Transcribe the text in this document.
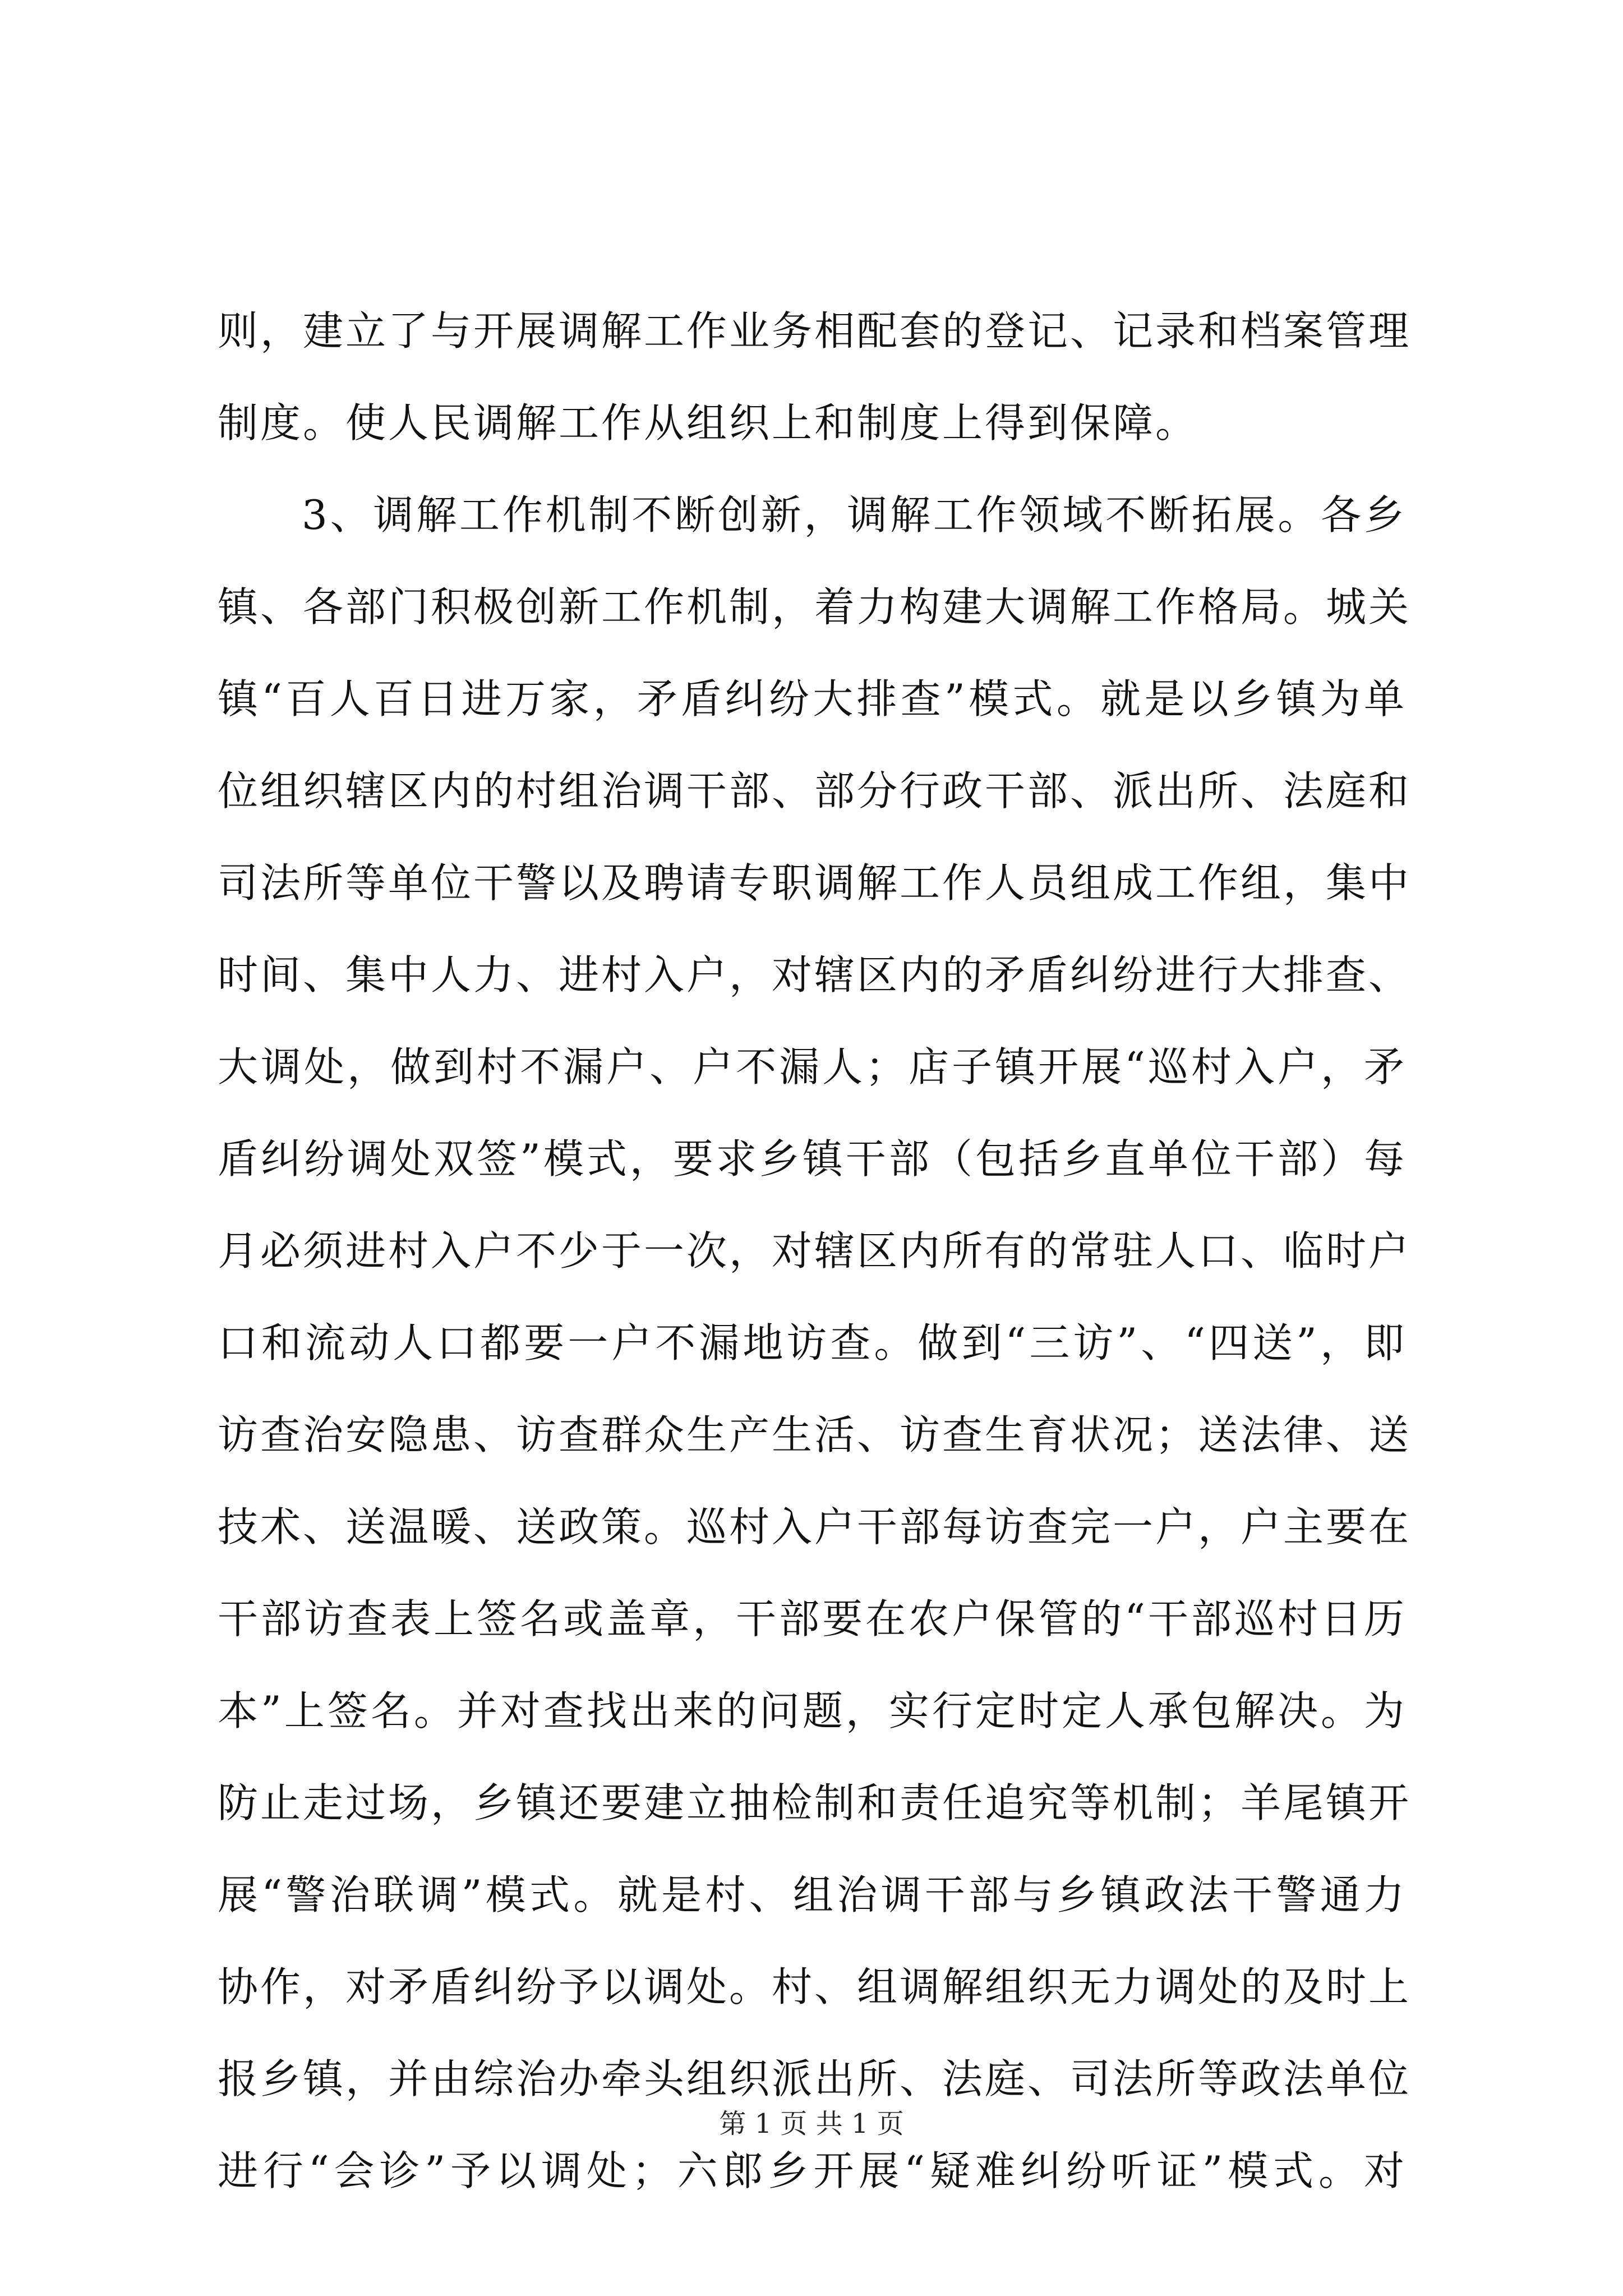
则，建立了与开展调解工作业务相配套的登记、记录和档案管理
制度。使人民调解工作从组织上和制度上得到保障。
3、调解工作机制不断创新，调解工作领域不断拓展。各乡
镇、各部门积极创新工作机制，着力构建大调解工作格局。城关
镇“百人百日进万家，矛盾纠纷大排查”模式。就是以乡镇为单
位组织辖区内的村组治调干部、部分行政干部、派出所、法庭和
司法所等单位干警以及聘请专职调解工作人员组成工作组，集中
时间、集中人力、进村入户，对辖区内的矛盾纠纷进行大排查、
大调处，做到村不漏户、户不漏人；店子镇开展“巡村入户，矛
盾纠纷调处双签”模式，要求乡镇干部（包括乡直单位干部）每
月必须进村入户不少于一次，对辖区内所有的常驻人口、临时户
口和流动人口都要一户不漏地访查。做到“三访”、“四送”，即
访查治安隐患、访查群众生产生活、访查生育状况；送法律、送
技术、送温暖、送政策。巡村入户干部每访查完一户，户主要在
干部访查表上签名或盖章，干部要在农户保管的“干部巡村日历
本”上签名。并对查找出来的问题，实行定时定人承包解决。为
防止走过场，乡镇还要建立抽检制和责任追究等机制；羊尾镇开
展“警治联调”模式。就是村、组治调干部与乡镇政法干警通力
协作，对矛盾纠纷予以调处。村、组调解组织无力调处的及时上
报乡镇，并由综治办牵头组织派出所、法庭、司法所等政法单位
进行“会诊”予以调处；六郎乡开展“疑难纠纷听证”模式。对
第 1 页 共 1 页
